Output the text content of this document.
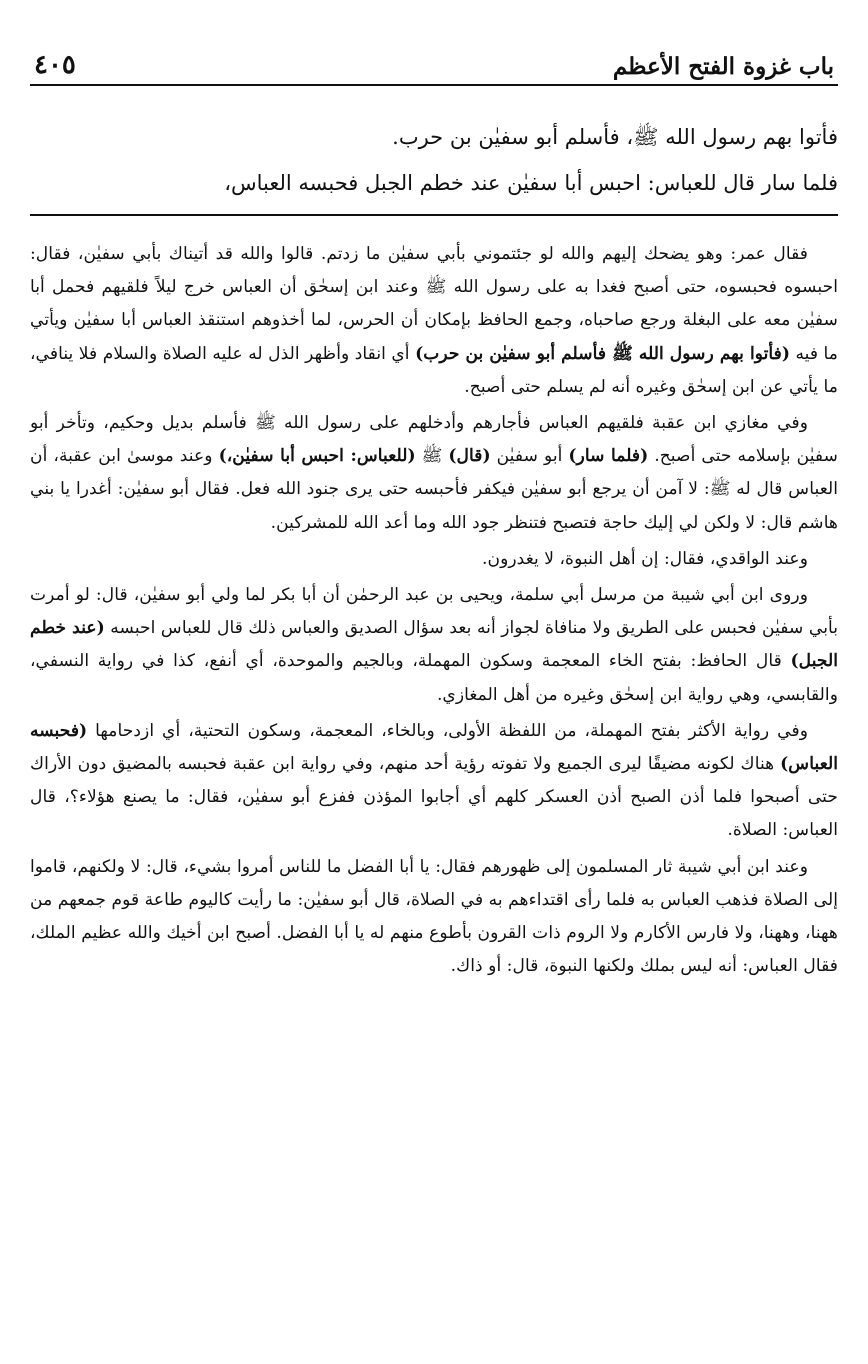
باب غزوة الفتح الأعظم
٤٠٥

فأتوا بهم رسول الله ﷺ، فأسلم أبو سفيٰن بن حرب.

فلما سار قال للعباس: احبس أبا سفيٰن عند خطم الجبل فحبسه العباس،

فقال عمر: وهو يضحك إليهم والله لو جئتموني بأبي سفيٰن ما زدتم. قالوا والله قد أتيناك بأبي سفيٰن، فقال: احبسوه فحبسوه، حتى أصبح فغدا به على رسول الله ﷺ وعند ابن إسحٰق أن العباس خرج ليلاً فلقيهم فحمل أبا سفيٰن معه على البغلة ورجع صاحباه، وجمع الحافظ بإمكان أن الحرس، لما أخذوهم استنقذ العباس أبا سفيٰن ويأتي ما فيه (فأتوا بهم رسول الله ﷺ فأسلم أبو سفيٰن بن حرب) أي انقاد وأظهر الذل له عليه الصلاة والسلام فلا ينافي، ما يأتي عن ابن إسحٰق وغيره أنه لم يسلم حتى أصبح.

وفي مغازي ابن عقبة فلقيهم العباس فأجارهم وأدخلهم على رسول الله ﷺ فأسلم بديل وحكيم، وتأخر أبو سفيٰن بإسلامه حتى أصبح. (فلما سار) أبو سفيٰن (قال) ﷺ (للعباس: احبس أبا سفيٰن،) وعند موسىٰ ابن عقبة، أن العباس قال له ﷺ: لا آمن أن يرجع أبو سفيٰن فيكفر فأحبسه حتى يرى جنود الله فعل. فقال أبو سفيٰن: أغدرا يا بني هاشم قال: لا ولكن لي إليك حاجة فتصبح فتنظر جود الله وما أعد الله للمشركين.

وعند الواقدي، فقال: إن أهل النبوة، لا يغدرون.

وروى ابن أبي شيبة من مرسل أبي سلمة، ويحيى بن عبد الرحمٰن أن أبا بكر لما ولي أبو سفيٰن، قال: لو أمرت بأبي سفيٰن فحبس على الطريق ولا منافاة لجواز أنه بعد سؤال الصديق والعباس ذلك قال للعباس احبسه (عند خطم الجبل) قال الحافظ: بفتح الخاء المعجمة وسكون المهملة، وبالجيم والموحدة، أي أنفع، كذا في رواية النسفي، والقابسي، وهي رواية ابن إسحٰق وغيره من أهل المغازي.

وفي رواية الأكثر بفتح المهملة، من اللفظة الأولى، وبالخاء، المعجمة، وسكون التحتية، أي ازدحامها (فحبسه العباس) هناك لكونه مضيقًا ليرى الجميع ولا تفوته رؤية أحد منهم، وفي رواية ابن عقبة فحبسه بالمضيق دون الأراك حتى أصبحوا فلما أذن الصبح أذن العسكر كلهم أي أجابوا المؤذن ففزع أبو سفيٰن، فقال: ما يصنع هؤلاء؟، قال العباس: الصلاة.

وعند ابن أبي شيبة ثار المسلمون إلى ظهورهم فقال: يا أبا الفضل ما للناس أمروا بشيء، قال: لا ولكنهم، قاموا إلى الصلاة فذهب العباس به فلما رأى اقتداءهم به في الصلاة، قال أبو سفيٰن: ما رأيت كاليوم طاعة قوم جمعهم من ههنا، وههنا، ولا فارس الأكارم ولا الروم ذات القرون بأطوع منهم له يا أبا الفضل. أصبح ابن أخيك والله عظيم الملك، فقال العباس: أنه ليس بملك ولكنها النبوة، قال: أو ذاك.
